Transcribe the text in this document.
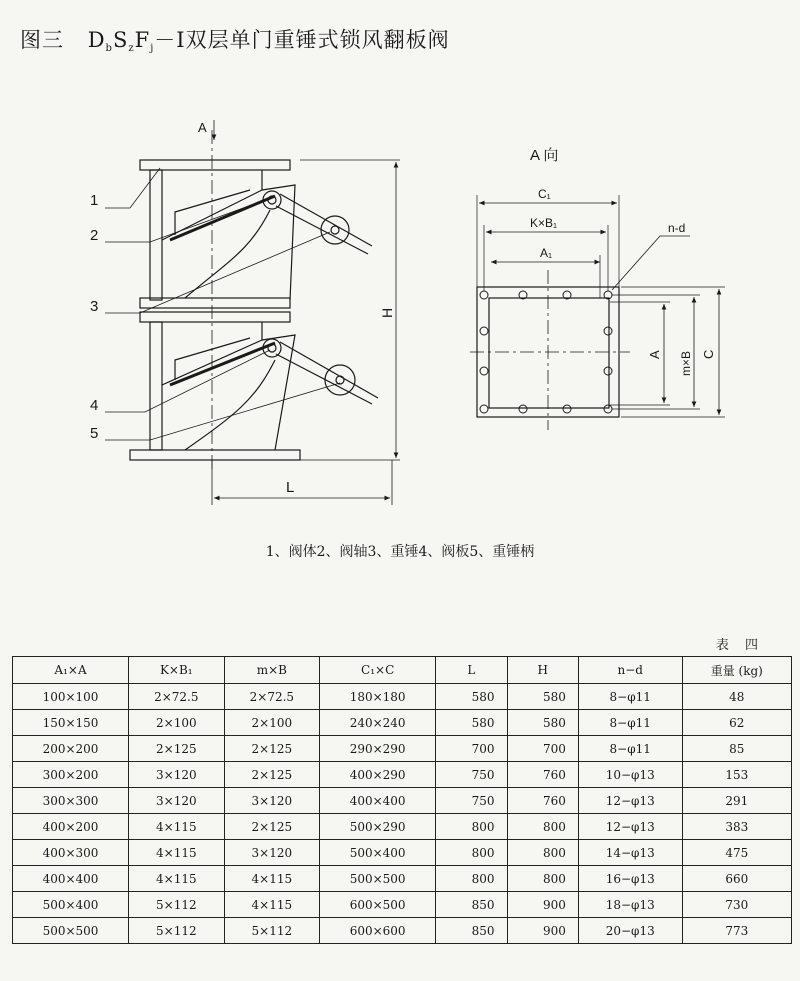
图三 $D_bS_zF_j-Ⅰ$双层单门重锤式锁风翻板阀
A
1
2
3
4
5
H
L
A 向
C₁
K×B₁
A₁
n-d
A m×B C
1、阀体2、阀轴3、重锤4、阀板5、重锤柄
表 四
A₁×A	K×B₁	m×B	C₁×C	L	H	n−d	重量 (kg)
100×100	2×72.5	2×72.5	180×180	580	580	8−φ11	48
150×150	2×100	2×100	240×240	580	580	8−φ11	62
200×200	2×125	2×125	290×290	700	700	8−φ11	85
300×200	3×120	2×125	400×290	750	760	10−φ13	153
300×300	3×120	3×120	400×400	750	760	12−φ13	291
400×200	4×115	2×125	500×290	800	800	12−φ13	383
400×300	4×115	3×120	500×400	800	800	14−φ13	475
400×400	4×115	4×115	500×500	800	800	16−φ13	660
500×400	5×112	4×115	600×500	850	900	18−φ13	730
500×500	5×112	5×112	600×600	850	900	20−φ13	773
